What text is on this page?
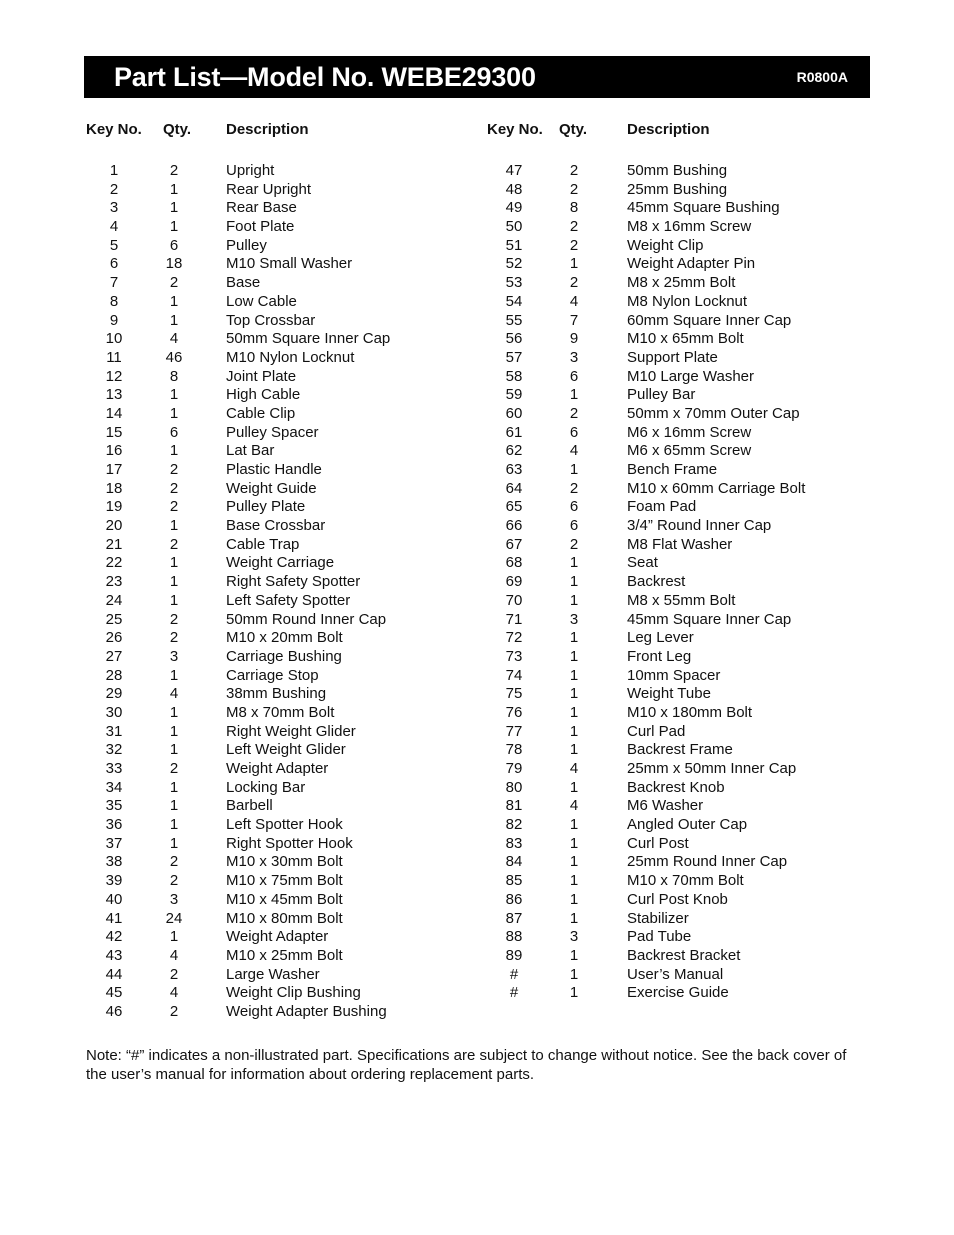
Part List—Model No. WEBE29300	R0800A
Key No. Qty. Description	Key No. Qty.	Description
1	2	Upright
2	1	Rear Upright
3	1	Rear Base
4	1	Foot Plate
5	6	Pulley
6	18	M10 Small Washer
7	2	Base
8	1	Low Cable
9	1	Top Crossbar
10	4	50mm Square Inner Cap
11	46	M10 Nylon Locknut
12	8	Joint Plate
13	1	High Cable
14	1	Cable Clip
15	6	Pulley Spacer
16	1	Lat Bar
17	2	Plastic Handle
18	2	Weight Guide
19	2	Pulley Plate
20	1	Base Crossbar
21	2	Cable Trap
22	1	Weight Carriage
23	1	Right Safety Spotter
24	1	Left Safety Spotter
25	2	50mm Round Inner Cap
26	2	M10 x 20mm Bolt
27	3	Carriage Bushing
28	1	Carriage Stop
29	4	38mm Bushing
30	1	M8 x 70mm Bolt
31	1	Right Weight Glider
32	1	Left Weight Glider
33	2	Weight Adapter
34	1	Locking Bar
35	1	Barbell
36	1	Left Spotter Hook
37	1	Right Spotter Hook
38	2	M10 x 30mm Bolt
39	2	M10 x 75mm Bolt
40	3	M10 x 45mm Bolt
41	24	M10 x 80mm Bolt
42	1	Weight Adapter
43	4	M10 x 25mm Bolt
44	2	Large Washer
45	4	Weight Clip Bushing
46	2	Weight Adapter Bushing
47	2	50mm Bushing
48	2	25mm Bushing
49	8	45mm Square Bushing
50	2	M8 x 16mm Screw
51	2	Weight Clip
52	1	Weight Adapter Pin
53	2	M8 x 25mm Bolt
54	4	M8 Nylon Locknut
55	7	60mm Square Inner Cap
56	9	M10 x 65mm Bolt
57	3	Support Plate
58	6	M10 Large Washer
59	1	Pulley Bar
60	2	50mm x 70mm Outer Cap
61	6	M6 x 16mm Screw
62	4	M6 x 65mm Screw
63	1	Bench Frame
64	2	M10 x 60mm Carriage Bolt
65	6	Foam Pad
66	6	3/4” Round Inner Cap
67	2	M8 Flat Washer
68	1	Seat
69	1	Backrest
70	1	M8 x 55mm Bolt
71	3	45mm Square Inner Cap
72	1	Leg Lever
73	1	Front Leg
74	1	10mm Spacer
75	1	Weight Tube
76	1	M10 x 180mm Bolt
77	1	Curl Pad
78	1	Backrest Frame
79	4	25mm x 50mm Inner Cap
80	1	Backrest Knob
81	4	M6 Washer
82	1	Angled Outer Cap
83	1	Curl Post
84	1	25mm Round Inner Cap
85	1	M10 x 70mm Bolt
86	1	Curl Post Knob
87	1	Stabilizer
88	3	Pad Tube
89	1	Backrest Bracket
#	1	User’s Manual
#	1	Exercise Guide
Note: “#” indicates a non-illustrated part. Specifications are subject to change without notice. See the back cover of the user’s manual for information about ordering replacement parts.
